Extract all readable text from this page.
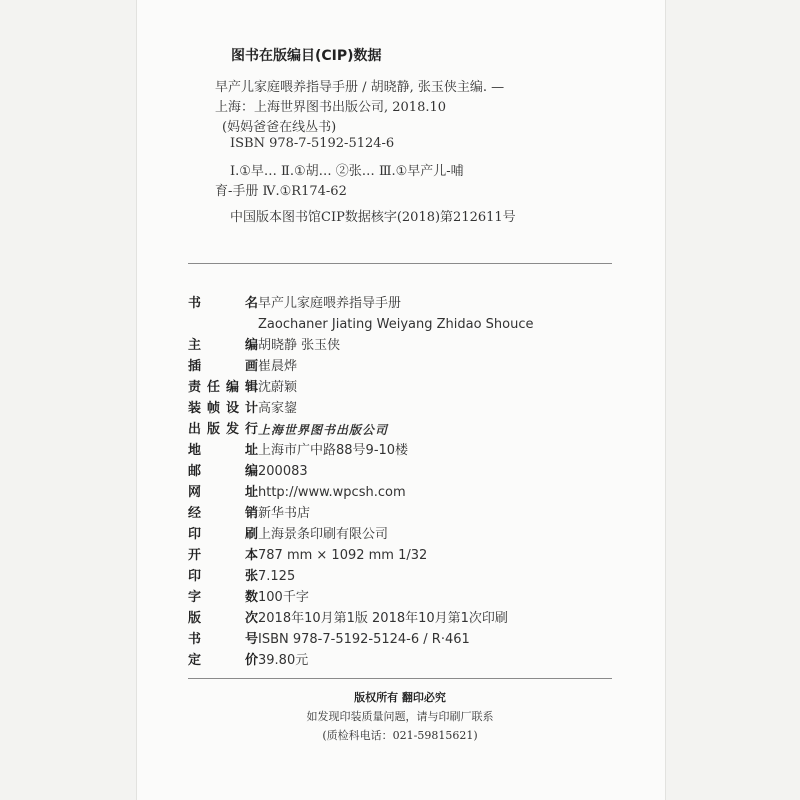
图书在版编目(CIP)数据
早产儿家庭喂养指导手册 / 胡晓静, 张玉侠主编. —
上海：上海世界图书出版公司, 2018.10
(妈妈爸爸在线丛书)
ISBN 978-7-5192-5124-6
Ⅰ.①早… Ⅱ.①胡… ②张… Ⅲ.①早产儿-哺
育-手册 Ⅳ.①R174-62
中国版本图书馆CIP数据核字(2018)第212611号
书名 早产儿家庭喂养指导手册
Zaochaner Jiating Weiyang Zhidao Shouce
主编 胡晓静 张玉侠
插画 崔晨烨
责任编辑 沈蔚颖
装帧设计 高家鋆
出版发行 上海世界图书出版公司
地址 上海市广中路88号9-10楼
邮编 200083
网址 http://www.wpcsh.com
经销 新华书店
印刷 上海景条印刷有限公司
开本 787 mm × 1092 mm 1/32
印张 7.125
字数 100千字
版次 2018年10月第1版 2018年10月第1次印刷
书号 ISBN 978-7-5192-5124-6 / R·461
定价 39.80元
版权所有 翻印必究
如发现印装质量问题，请与印刷厂联系
(质检科电话：021-59815621)
